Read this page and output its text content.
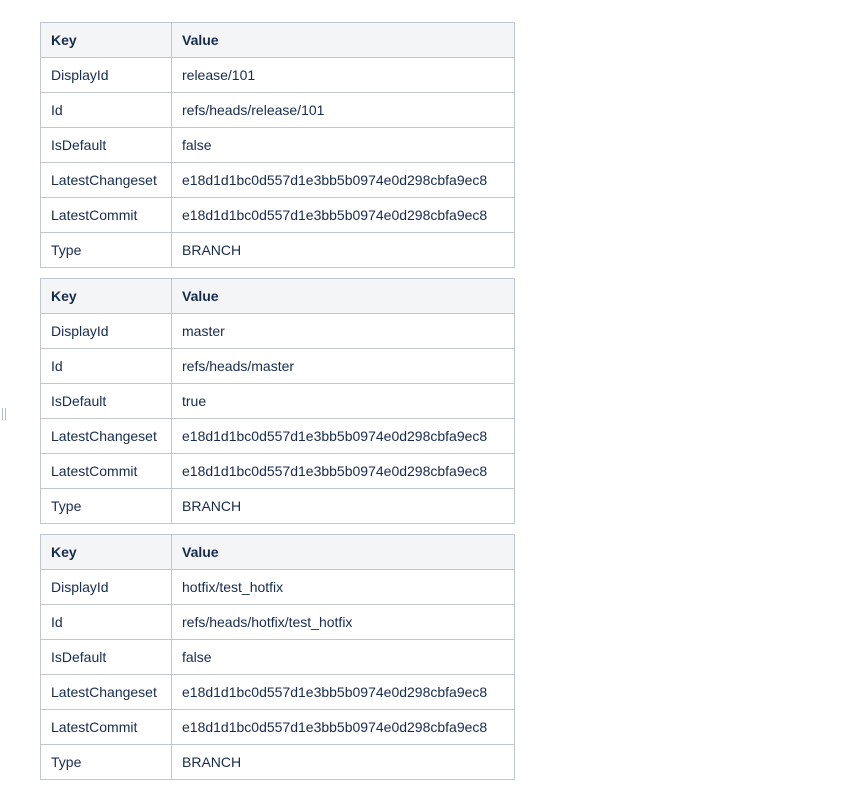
Key	Value
DisplayId	release/101
Id	refs/heads/release/101
IsDefault	false
LatestChangeset	e18d1d1bc0d557d1e3bb5b0974e0d298cbfa9ec8
LatestCommit	e18d1d1bc0d557d1e3bb5b0974e0d298cbfa9ec8
Type	BRANCH
Key	Value
DisplayId	master
Id	refs/heads/master
IsDefault	true
LatestChangeset	e18d1d1bc0d557d1e3bb5b0974e0d298cbfa9ec8
LatestCommit	e18d1d1bc0d557d1e3bb5b0974e0d298cbfa9ec8
Type	BRANCH
Key	Value
DisplayId	hotfix/test_hotfix
Id	refs/heads/hotfix/test_hotfix
IsDefault	false
LatestChangeset	e18d1d1bc0d557d1e3bb5b0974e0d298cbfa9ec8
LatestCommit	e18d1d1bc0d557d1e3bb5b0974e0d298cbfa9ec8
Type	BRANCH
